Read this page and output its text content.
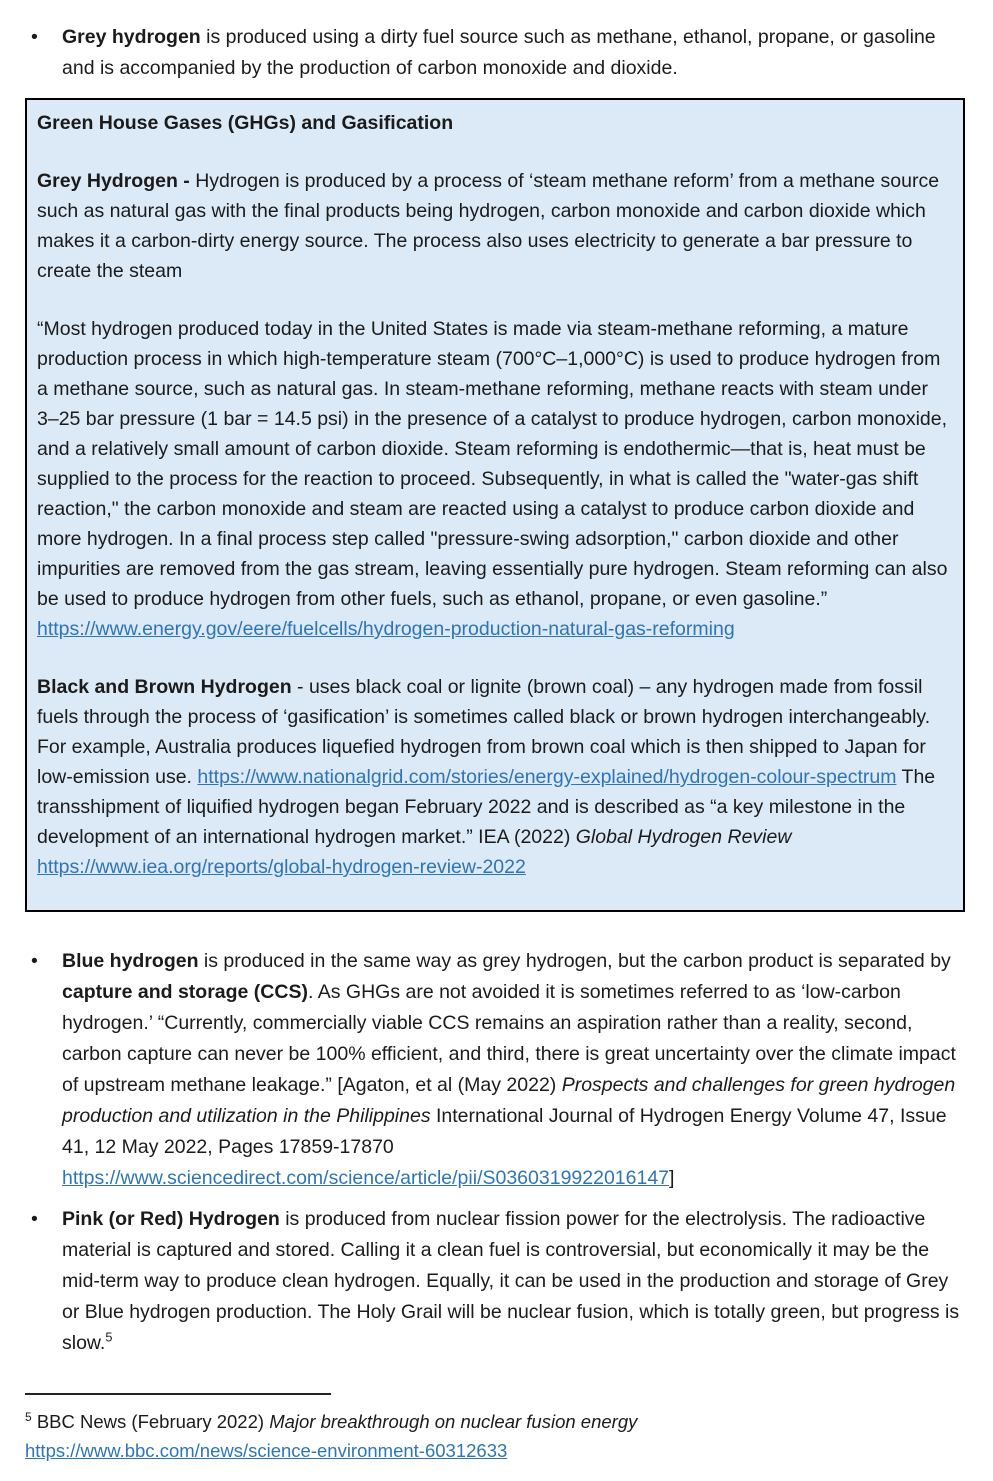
•	Grey hydrogen is produced using a dirty fuel source such as methane, ethanol, propane, or gasoline and is accompanied by the production of carbon monoxide and dioxide.

Green House Gases (GHGs) and Gasification

Grey Hydrogen - Hydrogen is produced by a process of ‘steam methane reform’ from a methane source such as natural gas with the final products being hydrogen, carbon monoxide and carbon dioxide which makes it a carbon-dirty energy source. The process also uses electricity to generate a bar pressure to create the steam

“Most hydrogen produced today in the United States is made via steam-methane reforming, a mature production process in which high-temperature steam (700°C–1,000°C) is used to produce hydrogen from a methane source, such as natural gas. In steam-methane reforming, methane reacts with steam under 3–25 bar pressure (1 bar = 14.5 psi) in the presence of a catalyst to produce hydrogen, carbon monoxide, and a relatively small amount of carbon dioxide. Steam reforming is endothermic—that is, heat must be supplied to the process for the reaction to proceed. Subsequently, in what is called the "water-gas shift reaction," the carbon monoxide and steam are reacted using a catalyst to produce carbon dioxide and more hydrogen. In a final process step called "pressure-swing adsorption," carbon dioxide and other impurities are removed from the gas stream, leaving essentially pure hydrogen. Steam reforming can also be used to produce hydrogen from other fuels, such as ethanol, propane, or even gasoline.”
https://www.energy.gov/eere/fuelcells/hydrogen-production-natural-gas-reforming

Black and Brown Hydrogen - uses black coal or lignite (brown coal) – any hydrogen made from fossil fuels through the process of ‘gasification’ is sometimes called black or brown hydrogen interchangeably. For example, Australia produces liquefied hydrogen from brown coal which is then shipped to Japan for low-emission use. https://www.nationalgrid.com/stories/energy-explained/hydrogen-colour-spectrum The transshipment of liquified hydrogen began February 2022 and is described as “a key milestone in the development of an international hydrogen market.” IEA (2022) Global Hydrogen Review https://www.iea.org/reports/global-hydrogen-review-2022

•	Blue hydrogen is produced in the same way as grey hydrogen, but the carbon product is separated by capture and storage (CCS). As GHGs are not avoided it is sometimes referred to as ‘low-carbon hydrogen.’ “Currently, commercially viable CCS remains an aspiration rather than a reality, second, carbon capture can never be 100% efficient, and third, there is great uncertainty over the climate impact of upstream methane leakage.” [Agaton, et al (May 2022) Prospects and challenges for green hydrogen production and utilization in the Philippines International Journal of Hydrogen Energy Volume 47, Issue 41, 12 May 2022, Pages 17859-17870 https://www.sciencedirect.com/science/article/pii/S0360319922016147]

•	Pink (or Red) Hydrogen is produced from nuclear fission power for the electrolysis. The radioactive material is captured and stored. Calling it a clean fuel is controversial, but economically it may be the mid-term way to produce clean hydrogen. Equally, it can be used in the production and storage of Grey or Blue hydrogen production. The Holy Grail will be nuclear fusion, which is totally green, but progress is slow.$^5$

$^5$ BBC News (February 2022) Major breakthrough on nuclear fusion energy

https://www.bbc.com/news/science-environment-60312633
